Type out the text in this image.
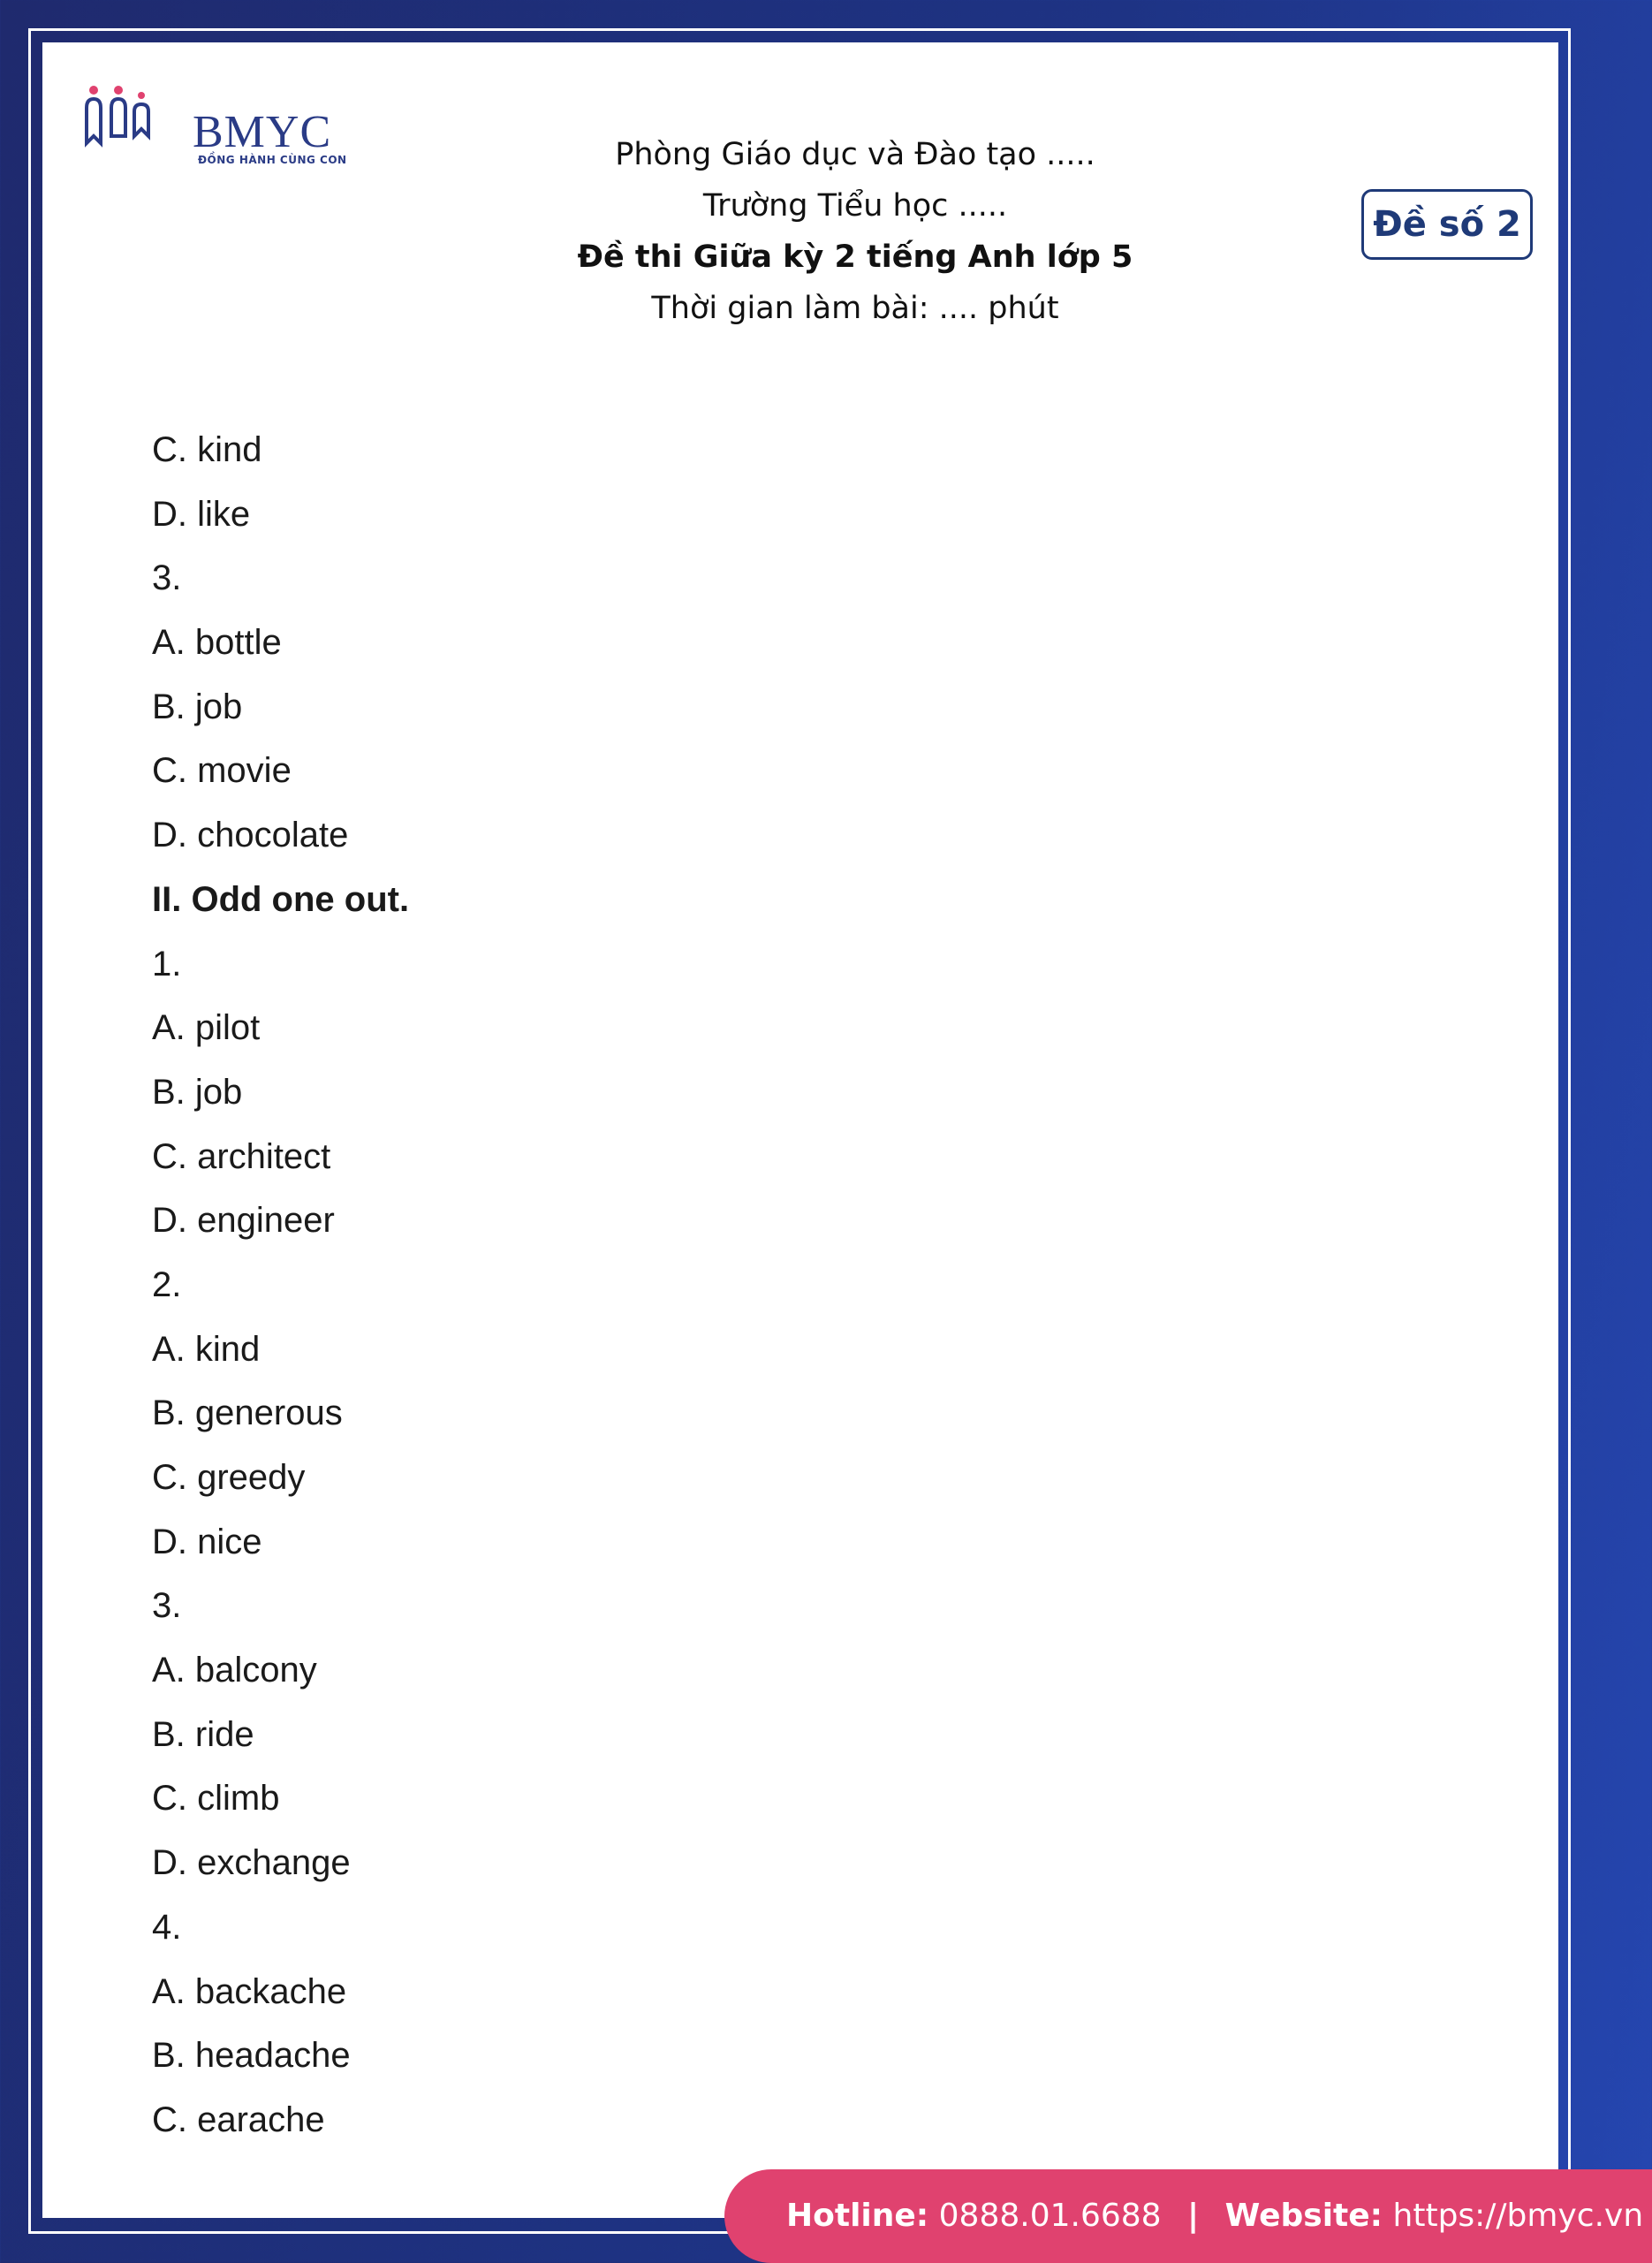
BMYC
ĐỒNG HÀNH CÙNG CON	Phòng Giáo dục và Đào tạo .....
Trường Tiểu học .....
Đề thi Giữa kỳ 2 tiếng Anh lớp 5
Thời gian làm bài: .... phút
Đề số 2
C. kind
D. like
3.
A. bottle
B. job
C. movie
D. chocolate
II. Odd one out.
1.
A. pilot
B. job
C. architect
D. engineer
2.
A. kind
B. generous
C. greedy
D. nice
3.
A. balcony
B. ride
C. climb
D. exchange
4.
A. backache
B. headache
C. earache
Hotline: 0888.01.6688 | Website: https://bmyc.vn
